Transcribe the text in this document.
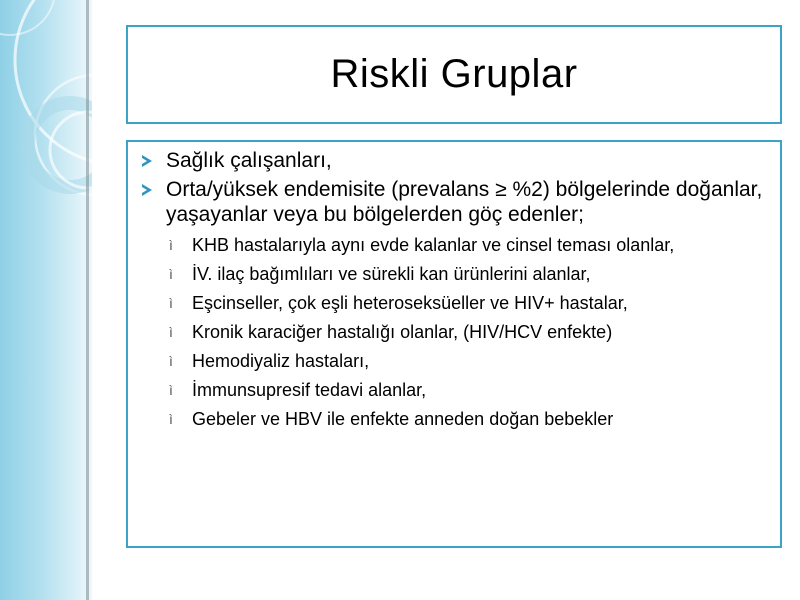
Riskli Gruplar
Sağlık çalışanları,
Orta/yüksek endemisite (prevalans ≥ %2) bölgelerinde doğanlar, yaşayanlar veya bu bölgelerden göç edenler;
ì KHB hastalarıyla aynı evde kalanlar ve cinsel teması olanlar,
ì İV. ilaç bağımlıları ve sürekli kan ürünlerini alanlar,
ì Eşcinseller, çok eşli heteroseksüeller ve HIV+ hastalar,
ì Kronik karaciğer hastalığı olanlar, (HIV/HCV enfekte)
ì Hemodiyaliz hastaları,
ì İmmunsupresif tedavi alanlar,
ì Gebeler ve HBV ile enfekte anneden doğan bebekler
